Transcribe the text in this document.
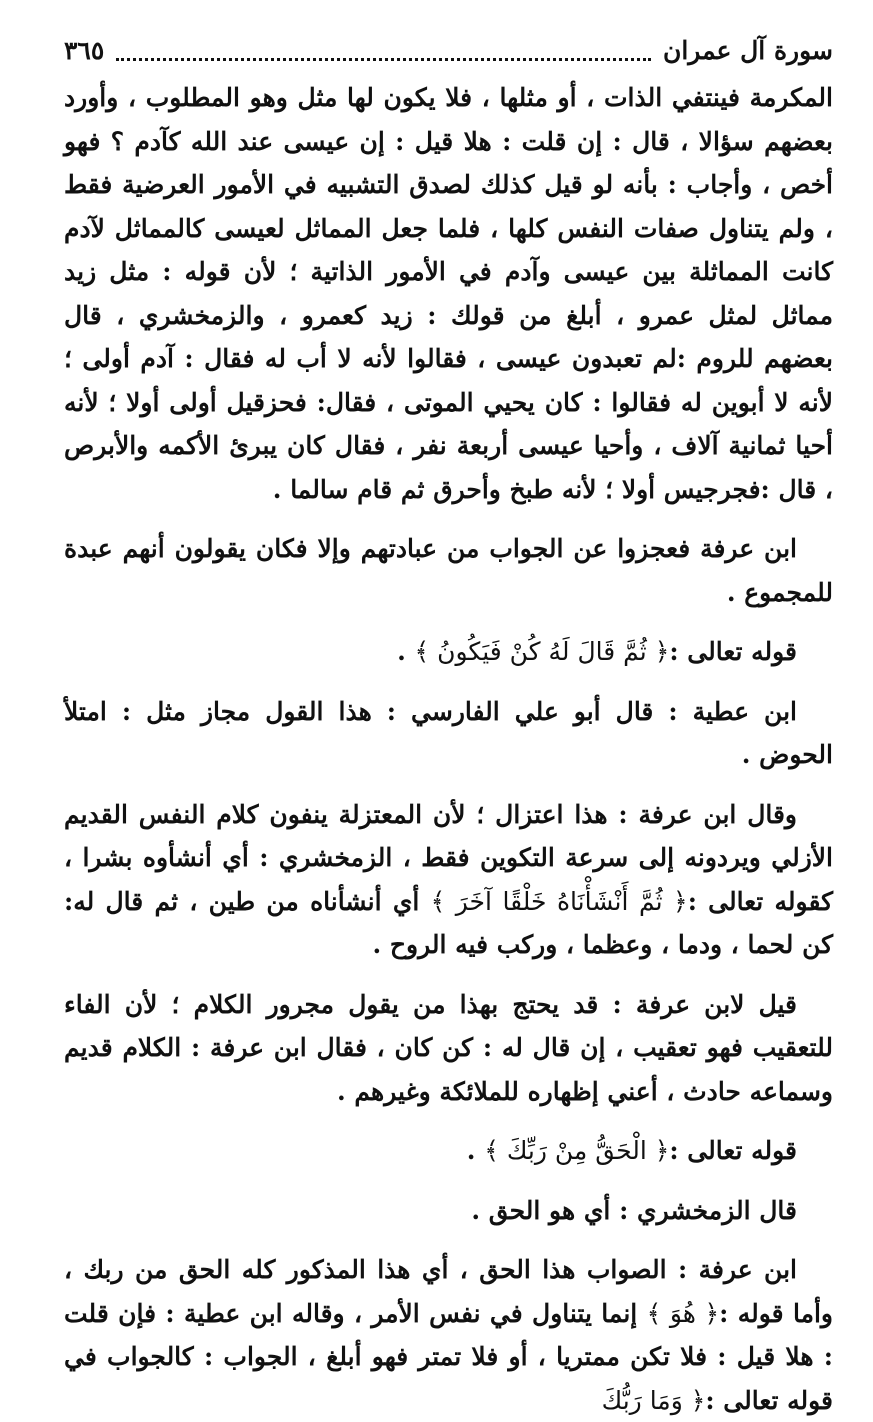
سورة آل عمران
٣٦٥

المكرمة فينتفي الذات ، أو مثلها ، فلا يكون لها مثل وهو المطلوب ، وأورد بعضهم سؤالا ، قال : إن قلت : هلا قيل : إن عيسى عند الله كآدم ؟ فهو أخص ، وأجاب : بأنه لو قيل كذلك لصدق التشبيه في الأمور العرضية فقط ، ولم يتناول صفات النفس كلها ، فلما جعل المماثل لعيسى كالمماثل لآدم كانت المماثلة بين عيسى وآدم في الأمور الذاتية ؛ لأن قوله : مثل زيد مماثل لمثل عمرو ، أبلغ من قولك : زيد كعمرو ، والزمخشري ، قال بعضهم للروم :لم تعبدون عيسى ، فقالوا لأنه لا أب له فقال : آدم أولى ؛ لأنه لا أبوين له فقالوا : كان يحيي الموتى ، فقال: فحزقيل أولى أولا ؛ لأنه أحيا ثمانية آلاف ، وأحيا عيسى أربعة نفر ، فقال كان يبرئ الأكمه والأبرص ، قال :فجرجيس أولا ؛ لأنه طبخ وأحرق ثم قام سالما .

ابن عرفة فعجزوا عن الجواب من عبادتهم وإلا فكان يقولون أنهم عبدة للمجموع .

قوله تعالى :﴿ ثُمَّ قَالَ لَهُ كُنْ فَيَكُونُ ﴾ .

ابن عطية : قال أبو علي الفارسي : هذا القول مجاز مثل : امتلأ الحوض .

وقال ابن عرفة : هذا اعتزال ؛ لأن المعتزلة ينفون كلام النفس القديم الأزلي ويردونه إلى سرعة التكوين فقط ، الزمخشري : أي أنشأوه بشرا ، كقوله تعالى :﴿ ثُمَّ أَنْشَأْنَاهُ خَلْقًا آخَرَ ﴾ أي أنشأناه من طين ، ثم قال له: كن لحما ، ودما ، وعظما ، وركب فيه الروح .

قيل لابن عرفة : قد يحتج بهذا من يقول مجرور الكلام ؛ لأن الفاء للتعقيب فهو تعقيب ، إن قال له : كن كان ، فقال ابن عرفة : الكلام قديم وسماعه حادث ، أعني إظهاره للملائكة وغيرهم .

قوله تعالى :﴿ الْحَقُّ مِنْ رَبِّكَ ﴾ .

قال الزمخشري : أي هو الحق .

ابن عرفة : الصواب هذا الحق ، أي هذا المذكور كله الحق من ربك ، وأما قوله :﴿ هُوَ ﴾ إنما يتناول في نفس الأمر ، وقاله ابن عطية : فإن قلت : هلا قيل : فلا تكن ممتريا ، أو فلا تمتر فهو أبلغ ، الجواب : كالجواب في قوله تعالى :﴿ وَمَا رَبُّكَ
